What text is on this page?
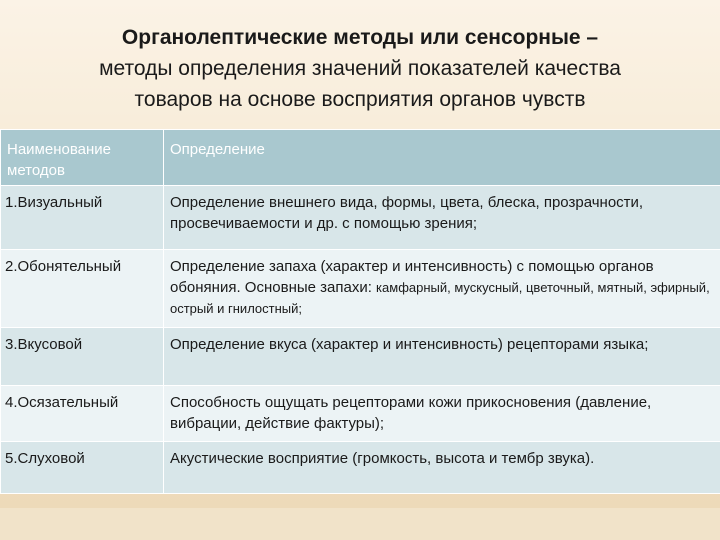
Органолептические методы или сенсорные –
методы определения значений показателей качества
товаров на основе восприятия органов чувств
Наименование методов	Определение
1.Визуальный	Определение внешнего вида, формы, цвета, блеска, прозрачности, просвечиваемости и др. с помощью зрения;
2.Обонятельный	Определение запаха (характер и интенсивность) с помощью органов обоняния. Основные запахи: камфарный, мускусный, цветочный, мятный, эфирный, острый и гнилостный;
3.Вкусовой	Определение вкуса (характер и интенсивность) рецепторами языка;
4.Осязательный	Способность ощущать рецепторами кожи прикосновения (давление, вибрации, действие фактуры);
5.Слуховой	Акустические восприятие (громкость, высота и тембр звука).
